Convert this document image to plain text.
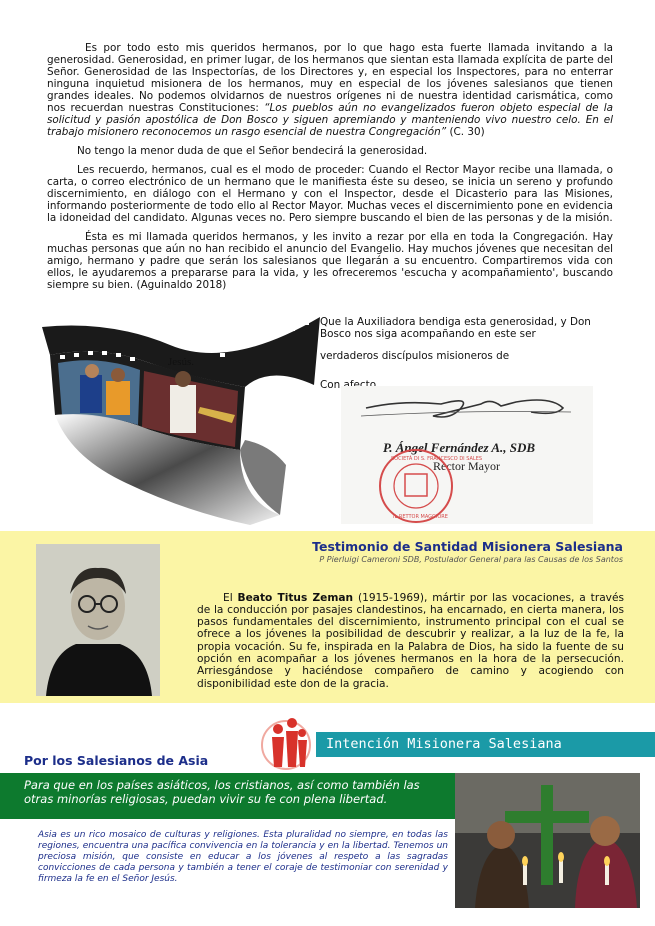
Es por todo esto mis queridos hermanos, por lo que hago esta fuerte llamada invitando a la generosidad. Generosidad, en primer lugar, de los hermanos que sientan esta llamada explícita de parte del Señor. Generosidad de las Inspectorías, de los Directores y, en especial los Inspectores, para no enterrar ninguna inquietud misionera de los hermanos, muy en especial de los jóvenes salesianos que tienen grandes ideales. No podemos olvidarnos de nuestros orígenes ni de nuestra identidad carismática, como nos recuerdan nuestras Constituciones: “Los pueblos aún no evangelizados fueron objeto especial de la solicitud y pasión apostólica de Don Bosco y siguen apremiando y manteniendo vivo nuestro celo. En el trabajo misionero reconocemos un rasgo esencial de nuestra Congregación” (C. 30)

No tengo la menor duda de que el Señor bendecirá la generosidad.

Les recuerdo, hermanos, cual es el modo de proceder: Cuando el Rector Mayor recibe una llamada, o carta, o correo electrónico de un hermano que le manifiesta éste su deseo, se inicia un sereno y profundo discernimiento, en diálogo con el Hermano y con el Inspector, desde el Dicasterio para las Misiones, informando posteriormente de todo ello al Rector Mayor. Muchas veces el discernimiento pone en evidencia la idoneidad del candidato. Algunas veces no. Pero siempre buscando el bien de las personas y de la misión.

Ésta es mi llamada queridos hermanos, y les invito a rezar por ella en toda la Congregación. Hay muchas personas que aún no han recibido el anuncio del Evangelio. Hay muchos jóvenes que necesitan del amigo, hermano y padre que serán los salesianos que llegarán a su encuentro. Compartiremos vida con ellos, le ayudaremos a prepararse para la vida, y les ofreceremos 'escucha y acompañamiento', buscando siempre su bien. (Aguinaldo 2018)

Jesús.
Que la Auxiliadora bendiga esta generosidad, y Don Bosco nos siga acompañando en este ser
verdaderos discípulos misioneros de
Con afecto.
P. Ángel Fernández A., SDB
Rector Mayor
SOCIETÀ DI S. FRANCESCO DI SALES
IL RETTOR MAGGIORE
Testimonio de Santidad Misionera Salesiana
P Pierluigi Cameroni SDB, Postulador General para las Causas de los Santos

El Beato Titus Zeman (1915-1969), mártir por las vocaciones, a través de la conducción por pasajes clandestinos, ha encarnado, en cierta manera, los pasos fundamentales del discernimiento, instrumento principal con el cual se ofrece a los jóvenes la posibilidad de descubrir y realizar, a la luz de la fe, la propia vocación. Su fe, inspirada en la Palabra de Dios, ha sido la fuente de su opción en acompañar a los jóvenes hermanos en la hora de la persecución. Arriesgándose y haciéndose compañero de camino y acogiendo con disponibilidad este don de la gracia.

Intención Misionera Salesiana
Por los Salesianos de Asia
Para que en los países asiáticos, los cristianos, así como también las otras minorías religiosas, puedan vivir su fe con plena libertad.
Asia es un rico mosaico de culturas y religiones. Esta pluralidad no siempre, en todas las regiones, encuentra una pacífica convivencia en la tolerancia y en la libertad. Tenemos un preciosa misión, que consiste en educar a los jóvenes al respeto a las sagradas convicciones de cada persona y también a tener el coraje de testimoniar con serenidad y firmeza la fe en el Señor Jesús.
